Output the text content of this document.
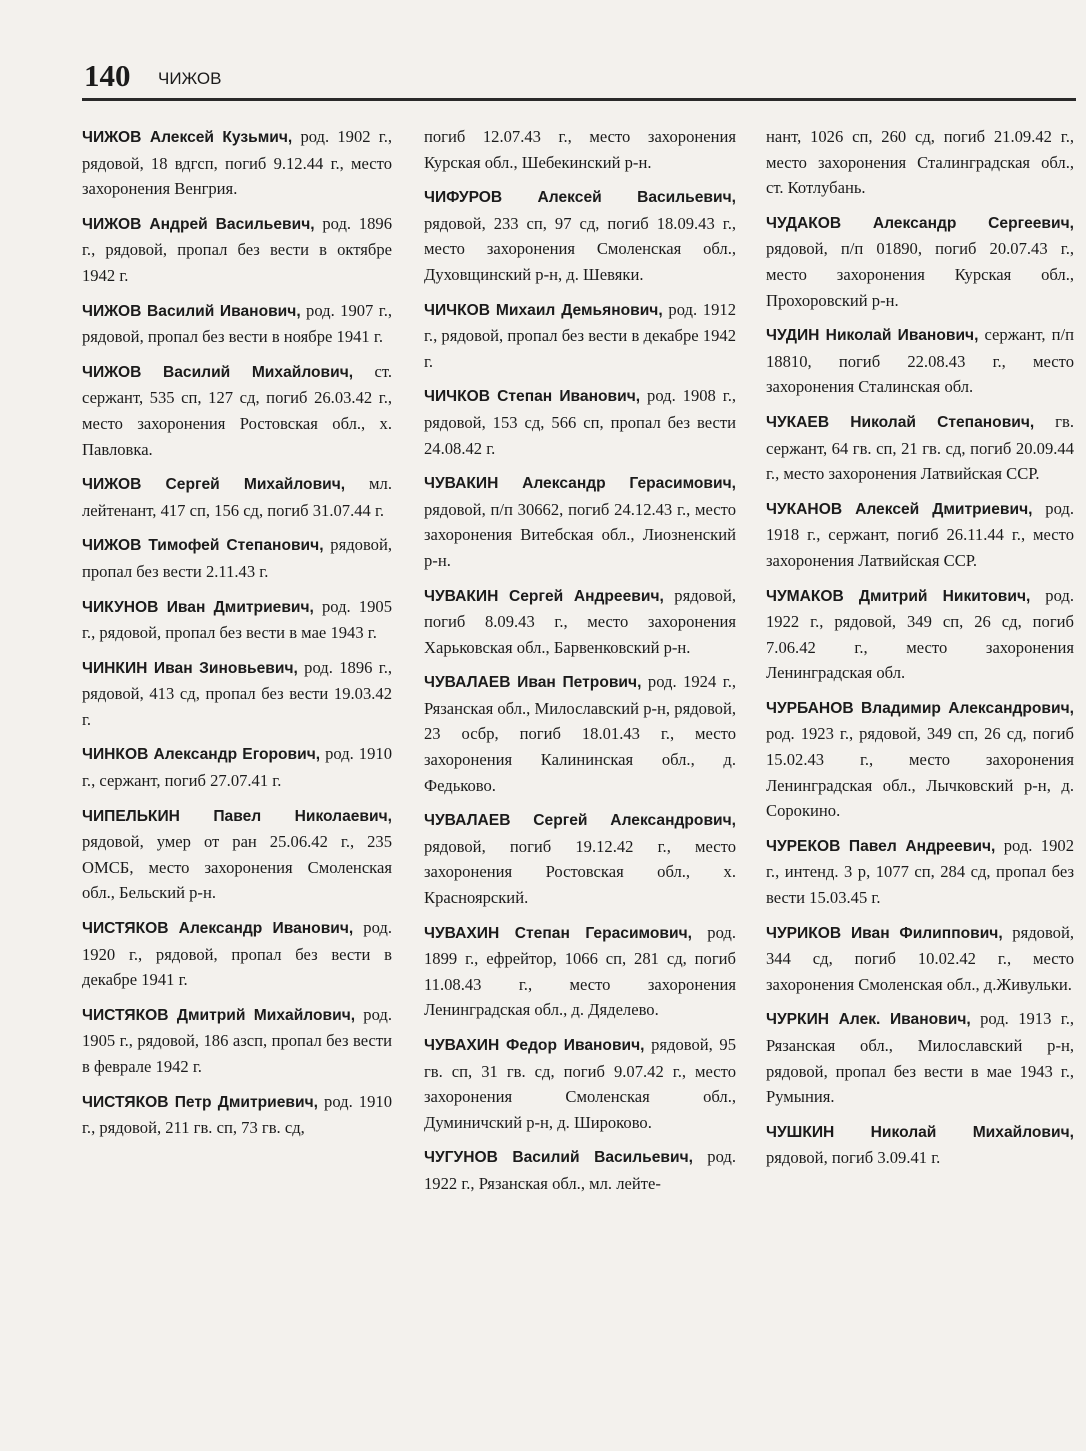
140 ЧИЖОВ

ЧИЖОВ Алексей Кузьмич, род. 1902 г., рядовой, 18 вдгсп, погиб 9.12.44 г., место захоронения Венгрия.

ЧИЖОВ Андрей Васильевич, род. 1896 г., рядовой, пропал без вести в октябре 1942 г.

ЧИЖОВ Василий Иванович, род. 1907 г., рядовой, пропал без вести в ноябре 1941 г.

ЧИЖОВ Василий Михайлович, ст. сержант, 535 сп, 127 сд, погиб 26.03.42 г., место захоронения Ростовская обл., х. Павловка.

ЧИЖОВ Сергей Михайлович, мл. лейтенант, 417 сп, 156 сд, погиб 31.07.44 г.

ЧИЖОВ Тимофей Степанович, рядовой, пропал без вести 2.11.43 г.

ЧИКУНОВ Иван Дмитриевич, род. 1905 г., рядовой, пропал без вести в мае 1943 г.

ЧИНКИН Иван Зиновьевич, род. 1896 г., рядовой, 413 сд, пропал без вести 19.03.42 г.

ЧИНКОВ Александр Егорович, род. 1910 г., сержант, погиб 27.07.41 г.

ЧИПЕЛЬКИН Павел Николаевич, рядовой, умер от ран 25.06.42 г., 235 ОМСБ, место захоронения Смоленская обл., Бельский р-н.

ЧИСТЯКОВ Александр Иванович, род. 1920 г., рядовой, пропал без вести в декабре 1941 г.

ЧИСТЯКОВ Дмитрий Михайлович, род. 1905 г., рядовой, 186 азсп, пропал без вести в феврале 1942 г.

ЧИСТЯКОВ Петр Дмитриевич, род. 1910 г., рядовой, 211 гв. сп, 73 гв. сд,

погиб 12.07.43 г., место захоронения Курская обл., Шебекинский р-н.

ЧИФУРОВ Алексей Васильевич, рядовой, 233 сп, 97 сд, погиб 18.09.43 г., место захоронения Смоленская обл., Духовщинский р-н, д. Шевяки.

ЧИЧКОВ Михаил Демьянович, род. 1912 г., рядовой, пропал без вести в декабре 1942 г.

ЧИЧКОВ Степан Иванович, род. 1908 г., рядовой, 153 сд, 566 сп, пропал без вести 24.08.42 г.

ЧУВАКИН Александр Герасимович, рядовой, п/п 30662, погиб 24.12.43 г., место захоронения Витебская обл., Лиозненский р-н.

ЧУВАКИН Сергей Андреевич, рядовой, погиб 8.09.43 г., место захоронения Харьковская обл., Барвенковский р-н.

ЧУВАЛАЕВ Иван Петрович, род. 1924 г., Рязанская обл., Милославский р-н, рядовой, 23 осбр, погиб 18.01.43 г., место захоронения Калининская обл., д. Федьково.

ЧУВАЛАЕВ Сергей Александрович, рядовой, погиб 19.12.42 г., место захоронения Ростовская обл., х. Красноярский.

ЧУВАХИН Степан Герасимович, род. 1899 г., ефрейтор, 1066 сп, 281 сд, погиб 11.08.43 г., место захоронения Ленинградская обл., д. Дяделево.

ЧУВАХИН Федор Иванович, рядовой, 95 гв. сп, 31 гв. сд, погиб 9.07.42 г., место захоронения Смоленская обл., Думиничский р-н, д. Широково.

ЧУГУНОВ Василий Васильевич, род. 1922 г., Рязанская обл., мл. лейте-

нант, 1026 сп, 260 сд, погиб 21.09.42 г., место захоронения Сталинградская обл., ст. Котлубань.

ЧУДАКОВ Александр Сергеевич, рядовой, п/п 01890, погиб 20.07.43 г., место захоронения Курская обл., Прохоровский р-н.

ЧУДИН Николай Иванович, сержант, п/п 18810, погиб 22.08.43 г., место захоронения Сталинская обл.

ЧУКАЕВ Николай Степанович, гв. сержант, 64 гв. сп, 21 гв. сд, погиб 20.09.44 г., место захоронения Латвийская ССР.

ЧУКАНОВ Алексей Дмитриевич, род. 1918 г., сержант, погиб 26.11.44 г., место захоронения Латвийская ССР.

ЧУМАКОВ Дмитрий Никитович, род. 1922 г., рядовой, 349 сп, 26 сд, погиб 7.06.42 г., место захоронения Ленинградская обл.

ЧУРБАНОВ Владимир Александрович, род. 1923 г., рядовой, 349 сп, 26 сд, погиб 15.02.43 г., место захоронения Ленинградская обл., Лычковский р-н, д. Сорокино.

ЧУРЕКОВ Павел Андреевич, род. 1902 г., интенд. 3 р, 1077 сп, 284 сд, пропал без вести 15.03.45 г.

ЧУРИКОВ Иван Филиппович, рядовой, 344 сд, погиб 10.02.42 г., место захоронения Смоленская обл., д.Живульки.

ЧУРКИН Алек. Иванович, род. 1913 г., Рязанская обл., Милославский р-н, рядовой, пропал без вести в мае 1943 г., Румыния.

ЧУШКИН Николай Михайлович, рядовой, погиб 3.09.41 г.
